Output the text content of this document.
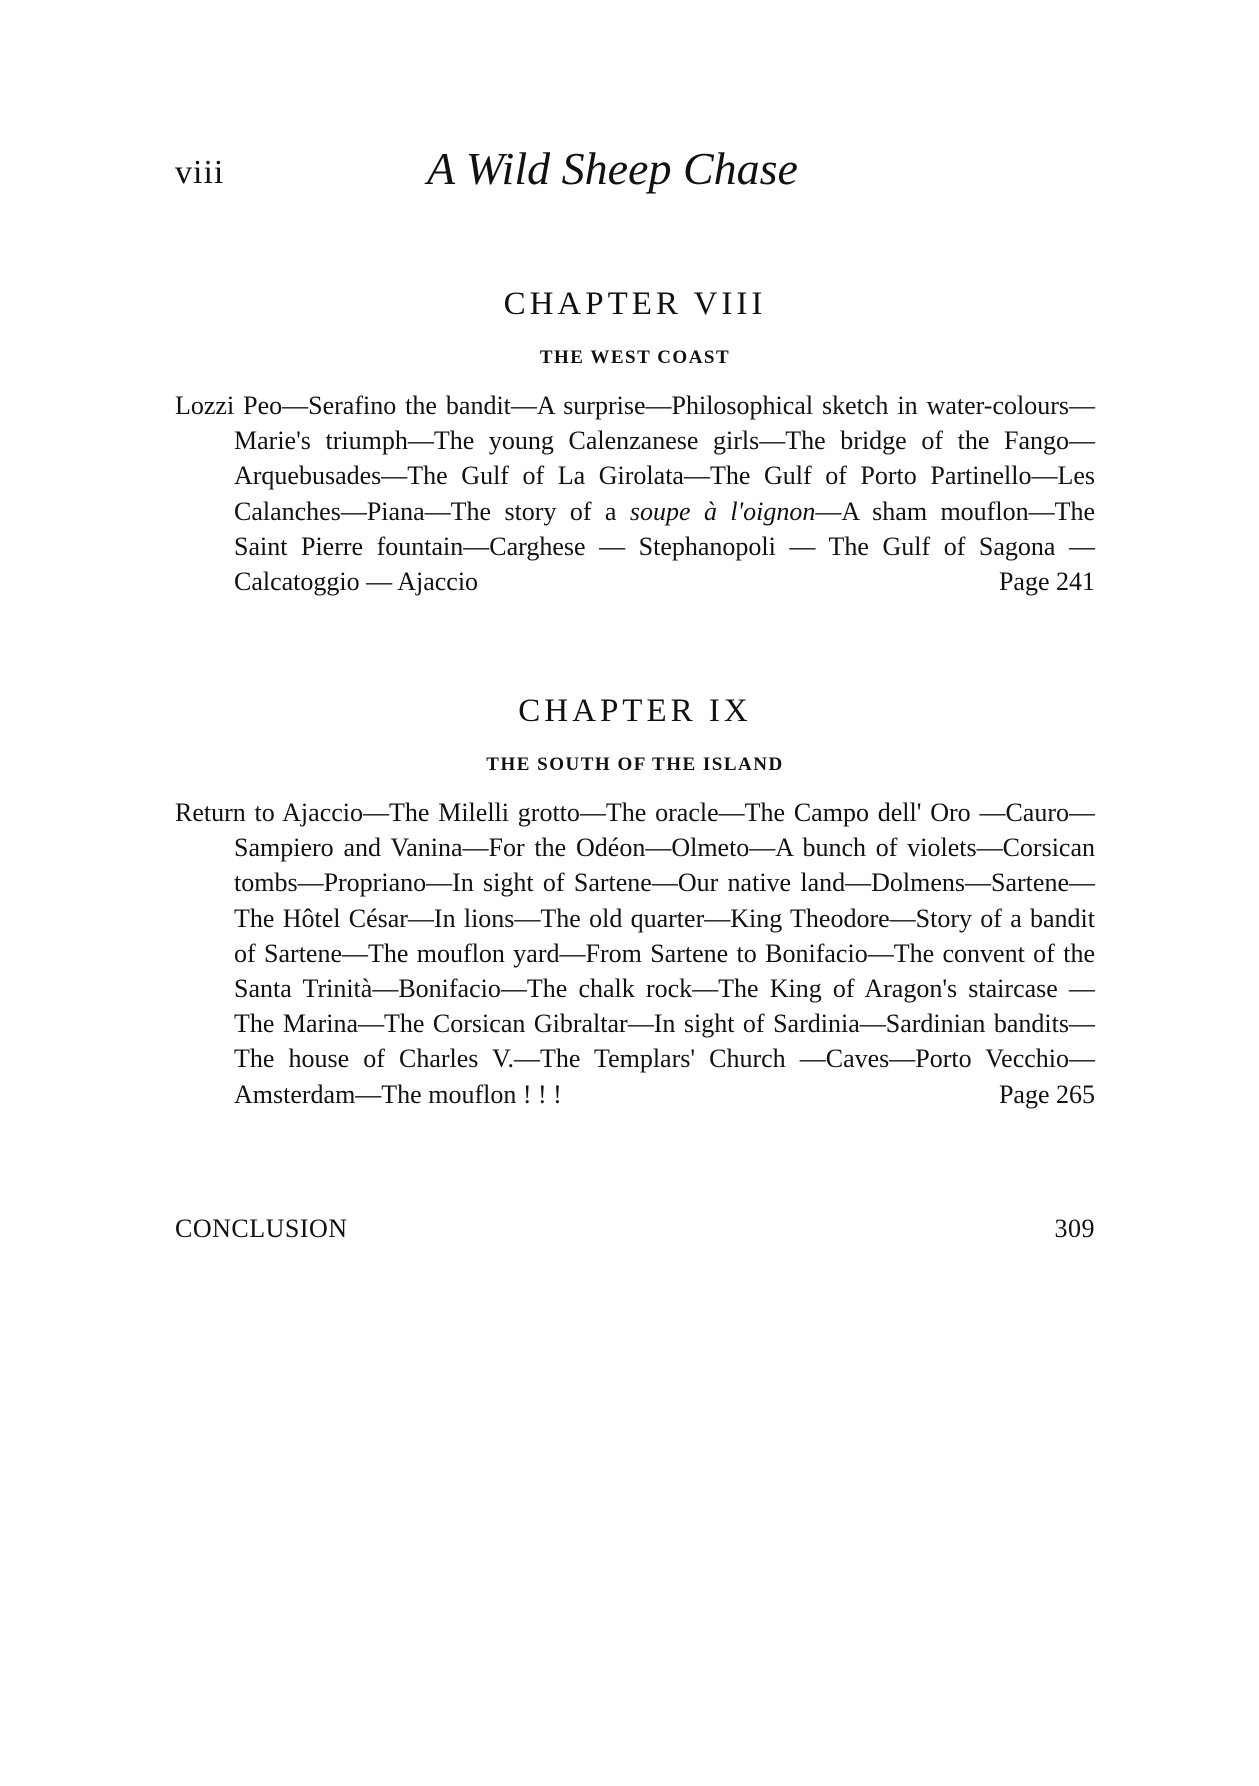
viii	A Wild Sheep Chase
CHAPTER VIII

THE WEST COAST

Lozzi Peo—Serafino the bandit—A surprise—Philosophical sketch in water-colours—Marie's triumph—The young Calenzanese girls—The bridge of the Fango—Arquebusades—The Gulf of La Girolata—The Gulf of Porto Partinello—Les Calanches—Piana—The story of a soupe à l'oignon—A sham mouflon—The Saint Pierre fountain—Carghese — Stephanopoli — The Gulf of Sagona — Calcatoggio — Ajaccio	Page 241

CHAPTER IX

THE SOUTH OF THE ISLAND

Return to Ajaccio—The Milelli grotto—The oracle—The Campo dell' Oro —Cauro—Sampiero and Vanina—For the Odéon—Olmeto—A bunch of violets—Corsican tombs—Propriano—In sight of Sartene—Our native land—Dolmens—Sartene—The Hôtel César—In lions—The old quarter—King Theodore—Story of a bandit of Sartene—The mouflon yard—From Sartene to Bonifacio—The convent of the Santa Trinità—Bonifacio—The chalk rock—The King of Aragon's staircase —The Marina—The Corsican Gibraltar—In sight of Sardinia—Sardinian bandits—The house of Charles V.—The Templars' Church —Caves—Porto Vecchio—Amsterdam—The mouflon ! ! !	Page 265

CONCLUSION	309
